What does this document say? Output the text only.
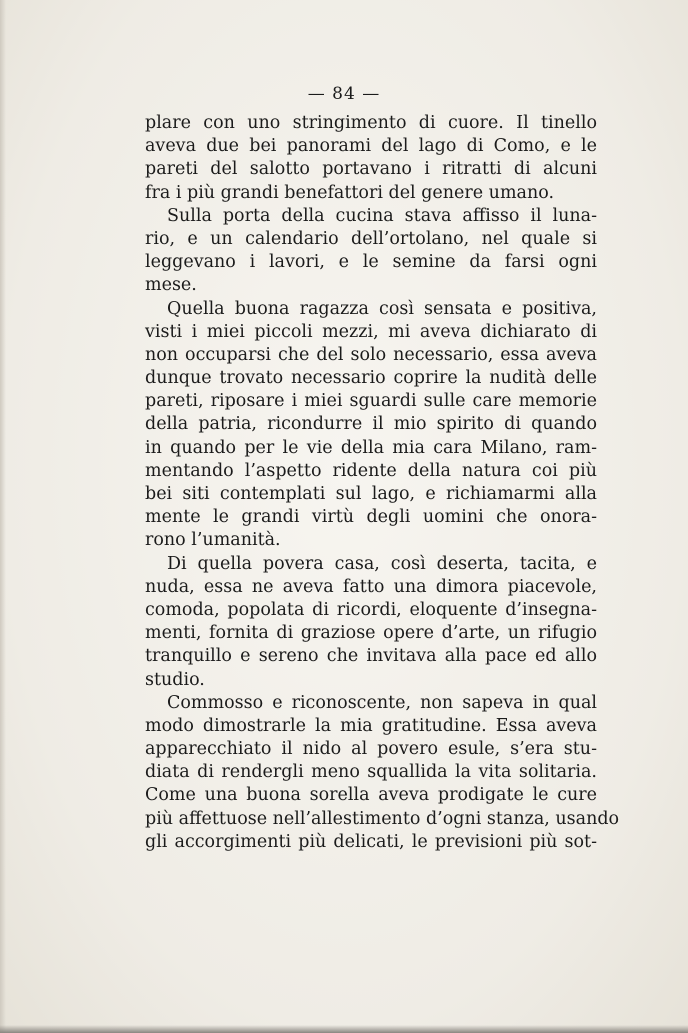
— 84 —
plare con uno stringimento di cuore. Il tinello
aveva due bei panorami del lago di Como, e le
pareti del salotto portavano i ritratti di alcuni
fra i più grandi benefattori del genere umano.
Sulla porta della cucina stava affisso il luna-
rio, e un calendario dell’ortolano, nel quale si
leggevano i lavori, e le semine da farsi ogni
mese.
Quella buona ragazza così sensata e positiva,
visti i miei piccoli mezzi, mi aveva dichiarato di
non occuparsi che del solo necessario, essa aveva
dunque trovato necessario coprire la nudità delle
pareti, riposare i miei sguardi sulle care memorie
della patria, ricondurre il mio spirito di quando
in quando per le vie della mia cara Milano, ram-
mentando l’aspetto ridente della natura coi più
bei siti contemplati sul lago, e richiamarmi alla
mente le grandi virtù degli uomini che onora-
rono l’umanità.
Di quella povera casa, così deserta, tacita, e
nuda, essa ne aveva fatto una dimora piacevole,
comoda, popolata di ricordi, eloquente d’insegna-
menti, fornita di graziose opere d’arte, un rifugio
tranquillo e sereno che invitava alla pace ed allo
studio.
Commosso e riconoscente, non sapeva in qual
modo dimostrarle la mia gratitudine. Essa aveva
apparecchiato il nido al povero esule, s’era stu-
diata di rendergli meno squallida la vita solitaria.
Come una buona sorella aveva prodigate le cure
più affettuose nell’allestimento d’ogni stanza, usando
gli accorgimenti più delicati, le previsioni più sot-
